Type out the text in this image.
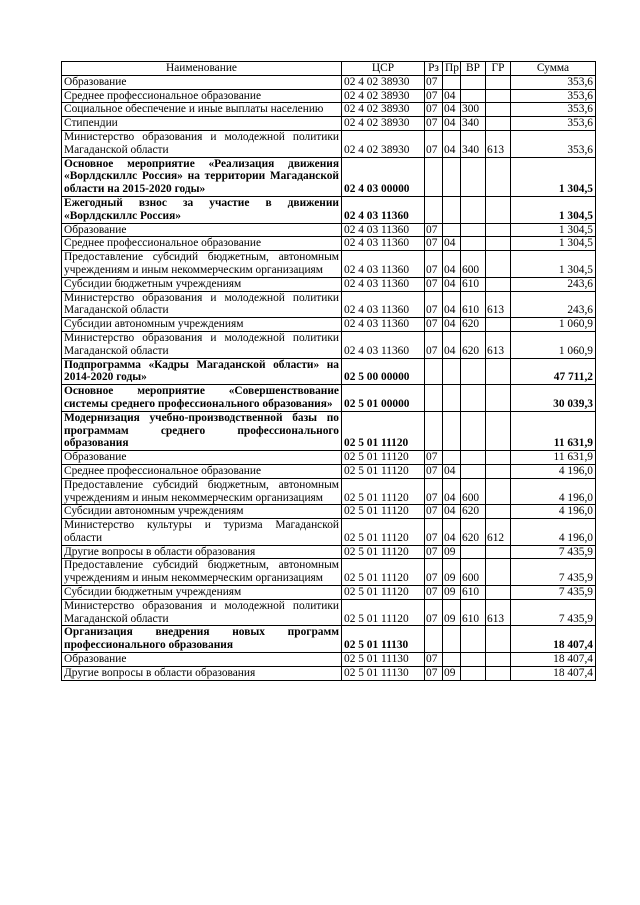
Наименование	ЦСР	Рз	Пр	ВР	ГР	Сумма
Образование	02 4 02 38930	07				353,6
Среднее профессиональное образование	02 4 02 38930	07	04			353,6
Социальное обеспечение и иные выплаты населению	02 4 02 38930	07	04	300		353,6
Стипендии	02 4 02 38930	07	04	340		353,6
Министерство образования и молодежной политики Магаданской области	02 4 02 38930	07	04	340	613	353,6
Основное мероприятие «Реализация движения «Ворлдскиллс Россия» на территории Магаданской области на 2015-2020 годы»	02 4 03 00000					1 304,5
Ежегодный взнос за участие в движении «Ворлдскиллс Россия»	02 4 03 11360					1 304,5
Образование	02 4 03 11360	07				1 304,5
Среднее профессиональное образование	02 4 03 11360	07	04			1 304,5
Предоставление субсидий бюджетным, автономным учреждениям и иным некоммерческим организациям	02 4 03 11360	07	04	600		1 304,5
Субсидии бюджетным учреждениям	02 4 03 11360	07	04	610		243,6
Министерство образования и молодежной политики Магаданской области	02 4 03 11360	07	04	610	613	243,6
Субсидии автономным учреждениям	02 4 03 11360	07	04	620		1 060,9
Министерство образования и молодежной политики Магаданской области	02 4 03 11360	07	04	620	613	1 060,9
Подпрограмма «Кадры Магаданской области» на 2014-2020 годы»	02 5 00 00000					47 711,2
Основное мероприятие «Совершенствование системы среднего профессионального образования»	02 5 01 00000					30 039,3
Модернизация учебно-производственной базы по программам среднего профессионального образования	02 5 01 11120					11 631,9
Образование	02 5 01 11120	07				11 631,9
Среднее профессиональное образование	02 5 01 11120	07	04			4 196,0
Предоставление субсидий бюджетным, автономным учреждениям и иным некоммерческим организациям	02 5 01 11120	07	04	600		4 196,0
Субсидии автономным учреждениям	02 5 01 11120	07	04	620		4 196,0
Министерство культуры и туризма Магаданской области	02 5 01 11120	07	04	620	612	4 196,0
Другие вопросы в области образования	02 5 01 11120	07	09			7 435,9
Предоставление субсидий бюджетным, автономным учреждениям и иным некоммерческим организациям	02 5 01 11120	07	09	600		7 435,9
Субсидии бюджетным учреждениям	02 5 01 11120	07	09	610		7 435,9
Министерство образования и молодежной политики Магаданской области	02 5 01 11120	07	09	610	613	7 435,9
Организация внедрения новых программ профессионального образования	02 5 01 11130					18 407,4
Образование	02 5 01 11130	07				18 407,4
Другие вопросы в области образования	02 5 01 11130	07	09			18 407,4
